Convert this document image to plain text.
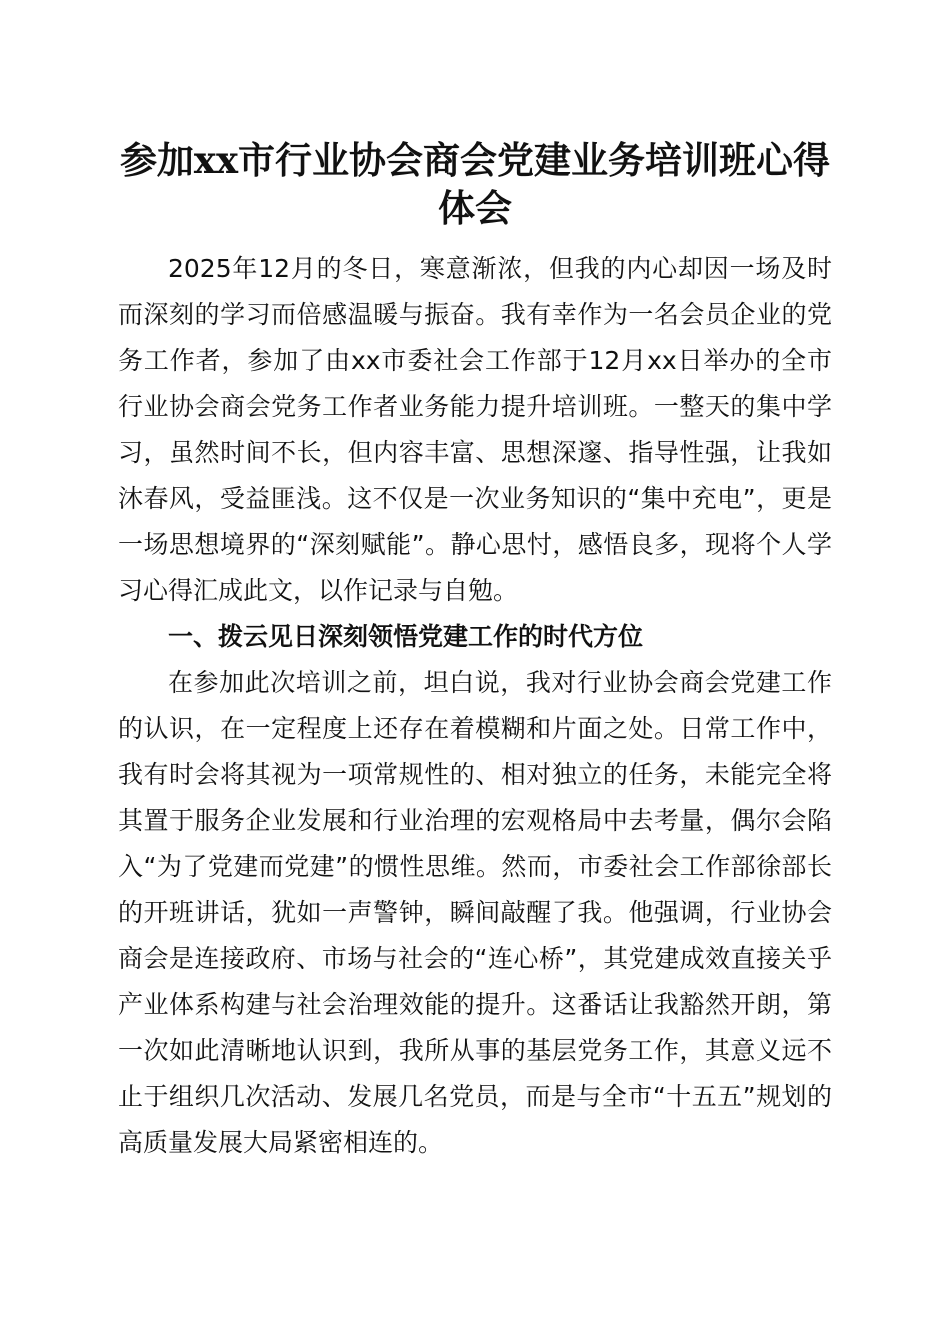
参加xx市行业协会商会党建业务培训班心得体会

2025年12月的冬日，寒意渐浓，但我的内心却因一场及时而深刻的学习而倍感温暖与振奋。我有幸作为一名会员企业的党务工作者，参加了由xx市委社会工作部于12月xx日举办的全市行业协会商会党务工作者业务能力提升培训班。一整天的集中学习，虽然时间不长，但内容丰富、思想深邃、指导性强，让我如沐春风，受益匪浅。这不仅是一次业务知识的“集中充电”，更是一场思想境界的“深刻赋能”。静心思忖，感悟良多，现将个人学习心得汇成此文，以作记录与自勉。

一、拨云见日深刻领悟党建工作的时代方位

在参加此次培训之前，坦白说，我对行业协会商会党建工作的认识，在一定程度上还存在着模糊和片面之处。日常工作中，我有时会将其视为一项常规性的、相对独立的任务，未能完全将其置于服务企业发展和行业治理的宏观格局中去考量，偶尔会陷入“为了党建而党建”的惯性思维。然而，市委社会工作部徐部长的开班讲话，犹如一声警钟，瞬间敲醒了我。他强调，行业协会商会是连接政府、市场与社会的“连心桥”，其党建成效直接关乎产业体系构建与社会治理效能的提升。这番话让我豁然开朗，第一次如此清晰地认识到，我所从事的基层党务工作，其意义远不止于组织几次活动、发展几名党员，而是与全市“十五五”规划的高质量发展大局紧密相连的。
